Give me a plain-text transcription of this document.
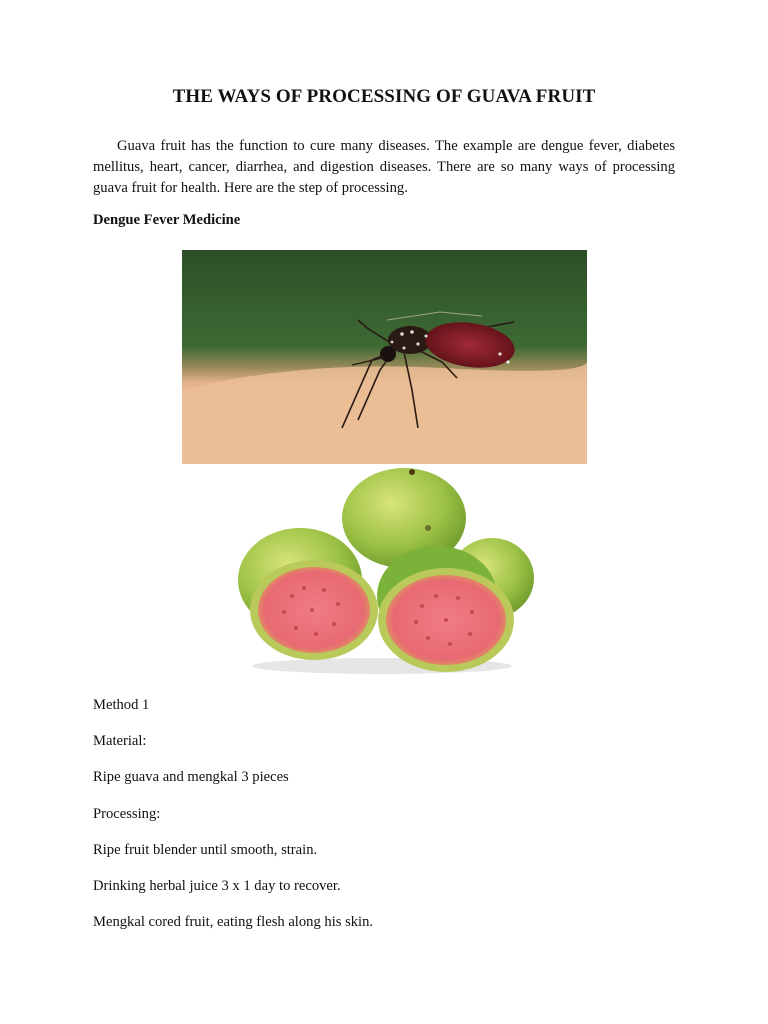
THE WAYS OF PROCESSING OF GUAVA FRUIT

Guava fruit has the function to cure many diseases. The example are dengue fever, diabetes mellitus, heart, cancer, diarrhea, and digestion diseases. There are so many ways of processing guava fruit for health. Here are the step of processing.

Dengue Fever Medicine
Method 1
Material:
Ripe guava and mengkal 3 pieces
Processing:
Ripe fruit blender until smooth, strain.
Drinking herbal juice 3 x 1 day to recover.
Mengkal cored fruit, eating flesh along his skin.
